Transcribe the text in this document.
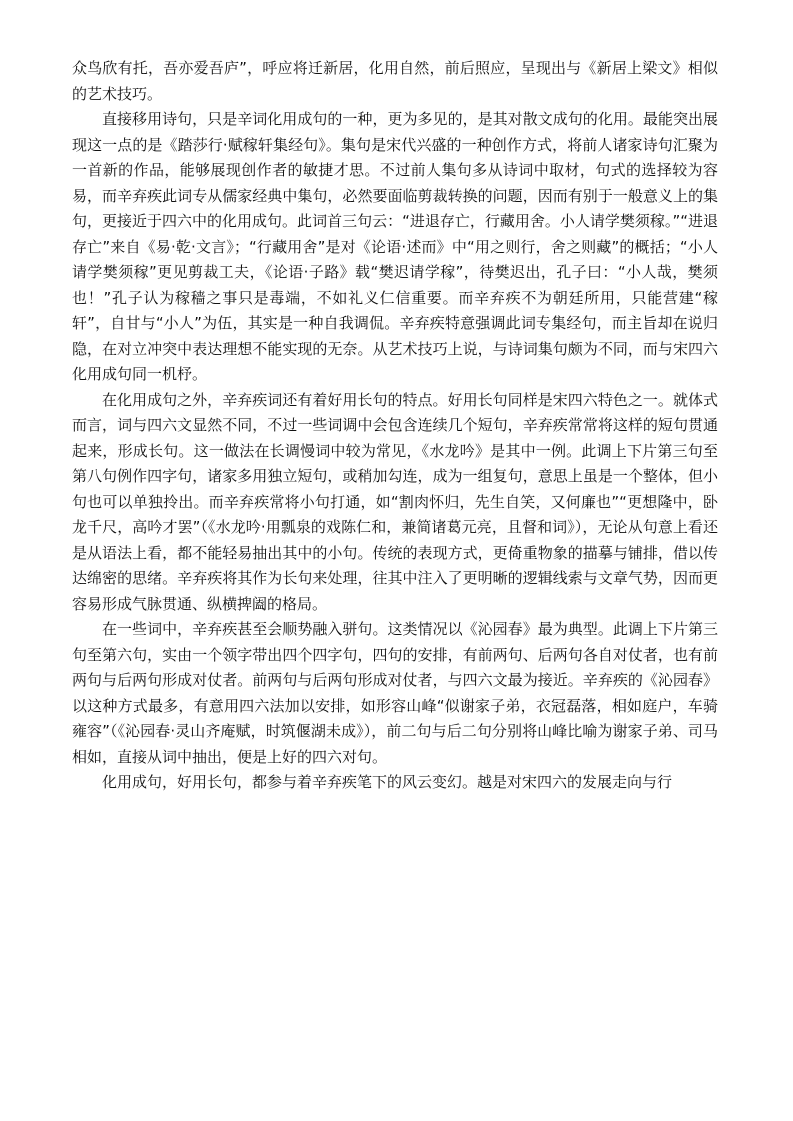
众鸟欣有托，吾亦爱吾庐”，呼应将迁新居，化用自然，前后照应，呈现出与《新居上梁文》相似的艺术技巧。

直接移用诗句，只是辛词化用成句的一种，更为多见的，是其对散文成句的化用。最能突出展现这一点的是《踏莎行·赋稼轩集经句》。集句是宋代兴盛的一种创作方式，将前人诸家诗句汇聚为一首新的作品，能够展现创作者的敏捷才思。不过前人集句多从诗词中取材，句式的选择较为容易，而辛弃疾此词专从儒家经典中集句，必然要面临剪裁转换的问题，因而有别于一般意义上的集句，更接近于四六中的化用成句。此词首三句云：“进退存亡，行藏用舍。小人请学樊须稼。”“进退存亡”来自《易·乾·文言》；“行藏用舍”是对《论语·述而》中“用之则行，舍之则藏”的概括；“小人请学樊须稼”更见剪裁工夫，《论语·子路》载“樊迟请学稼”，待樊迟出，孔子曰：“小人哉，樊须也！”孔子认为稼穑之事只是毒端，不如礼义仁信重要。而辛弃疾不为朝廷所用，只能营建“稼轩”，自甘与“小人”为伍，其实是一种自我调侃。辛弃疾特意强调此词专集经句，而主旨却在说归隐，在对立冲突中表达理想不能实现的无奈。从艺术技巧上说，与诗词集句颇为不同，而与宋四六化用成句同一机杼。

在化用成句之外，辛弃疾词还有着好用长句的特点。好用长句同样是宋四六特色之一。就体式而言，词与四六文显然不同，不过一些词调中会包含连续几个短句，辛弃疾常常将这样的短句贯通起来，形成长句。这一做法在长调慢词中较为常见，《水龙吟》是其中一例。此调上下片第三句至第八句例作四字句，诸家多用独立短句，或稍加勾连，成为一组复句，意思上虽是一个整体，但小句也可以单独拎出。而辛弃疾常将小句打通，如“割肉怀归，先生自笑，又何廉也”“更想隆中，卧龙千尺，高吟才罢”（《水龙吟·用瓢泉的戏陈仁和，兼简诸葛元亮，且督和词》），无论从句意上看还是从语法上看，都不能轻易抽出其中的小句。传统的表现方式，更倚重物象的描摹与铺排，借以传达绵密的思绪。辛弃疾将其作为长句来处理，往其中注入了更明晰的逻辑线索与文章气势，因而更容易形成气脉贯通、纵横捭阖的格局。

在一些词中，辛弃疾甚至会顺势融入骈句。这类情况以《沁园春》最为典型。此调上下片第三句至第六句，实由一个领字带出四个四字句，四句的安排，有前两句、后两句各自对仗者，也有前两句与后两句形成对仗者。前两句与后两句形成对仗者，与四六文最为接近。辛弃疾的《沁园春》以这种方式最多，有意用四六法加以安排，如形容山峰“似谢家子弟，衣冠磊落，相如庭户，车骑雍容”（《沁园春·灵山齐庵赋，时筑偃湖未成》），前二句与后二句分别将山峰比喻为谢家子弟、司马相如，直接从词中抽出，便是上好的四六对句。

化用成句，好用长句，都参与着辛弃疾笔下的风云变幻。越是对宋四六的发展走向与行
